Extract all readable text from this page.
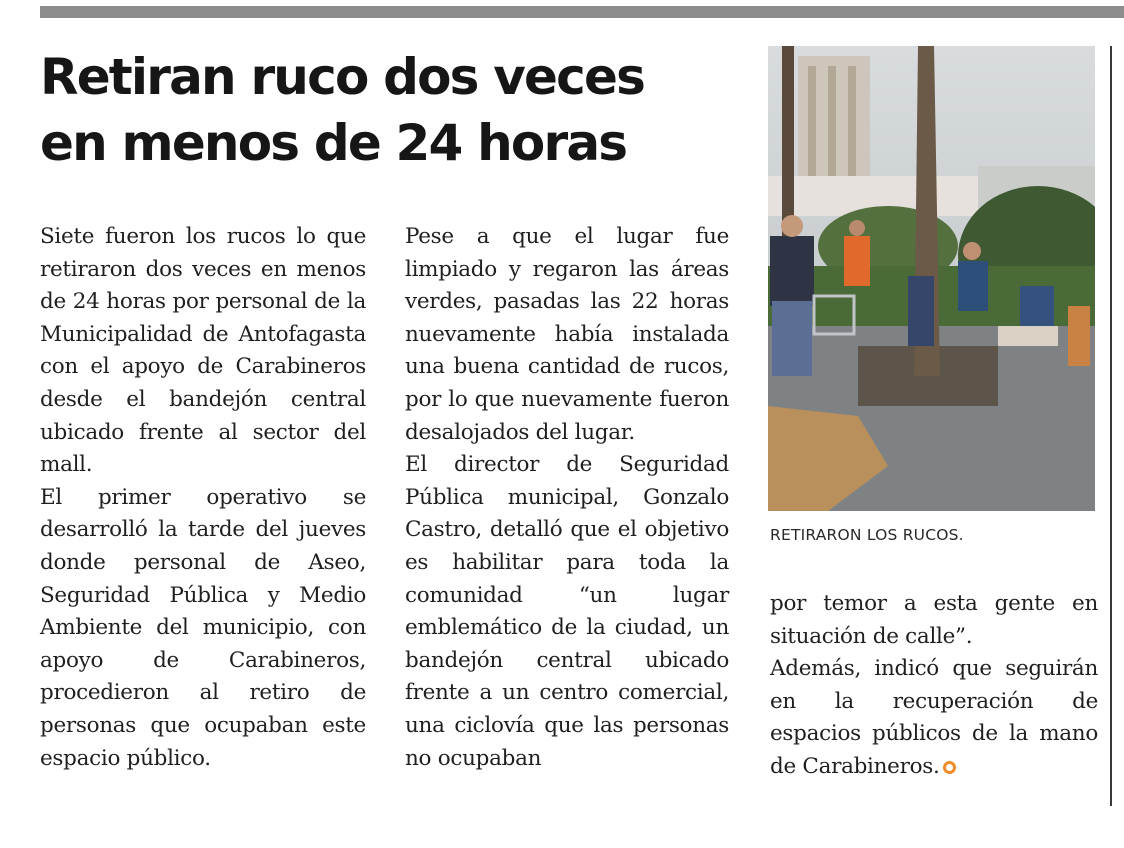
Retiran ruco dos veces
en menos de 24 horas

Siete fueron los rucos lo que retiraron dos veces en menos de 24 horas por personal de la Municipalidad de Antofagasta con el apoyo de Carabineros desde el bandejón central ubicado frente al sector del mall.

El primer operativo se desarrolló la tarde del jueves donde personal de Aseo, Seguridad Pública y Medio Ambiente del municipio, con apoyo de Carabineros, procedieron al retiro de personas que ocupaban este espacio público.

Pese a que el lugar fue limpiado y regaron las áreas verdes, pasadas las 22 horas nuevamente había instalada una buena cantidad de rucos, por lo que nuevamente fueron desalojados del lugar.

El director de Seguridad Pública municipal, Gonzalo Castro, detalló que el objetivo es habilitar para toda la comunidad “un lugar emblemático de la ciudad, un bandejón central ubicado frente a un centro comercial, una ciclovía que las personas no ocupaban

RETIRARON LOS RUCOS.

por temor a esta gente en situación de calle”.

Además, indicó que seguirán en la recuperación de espacios públicos de la mano de Carabineros.
